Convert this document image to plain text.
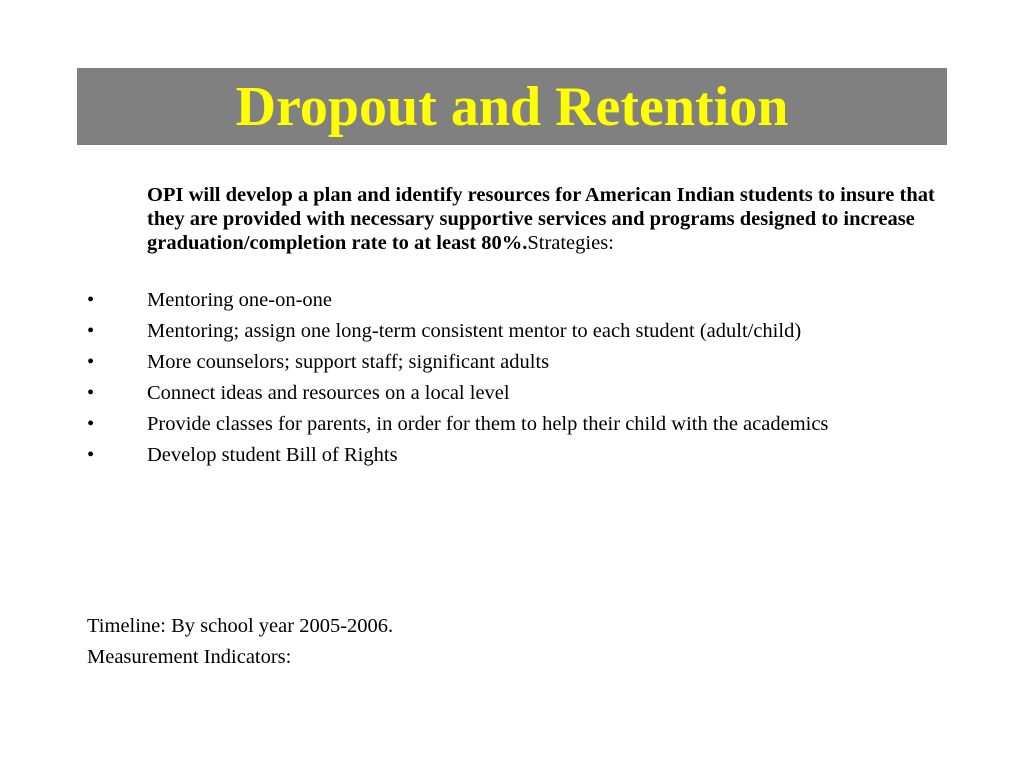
Dropout and Retention
OPI will develop a plan and identify resources for American Indian students to insure that they are provided with necessary supportive services and programs designed to increase graduation/completion rate to at least 80%.Strategies:
•	Mentoring one-on-one
•	Mentoring; assign one long-term consistent mentor to each student (adult/child)
•	More counselors; support staff; significant adults
•	Connect ideas and resources on a local level
•	Provide classes for parents, in order for them to help their child with the academics
•	Develop student Bill of Rights
Timeline: By school year 2005-2006.
Measurement Indicators:
